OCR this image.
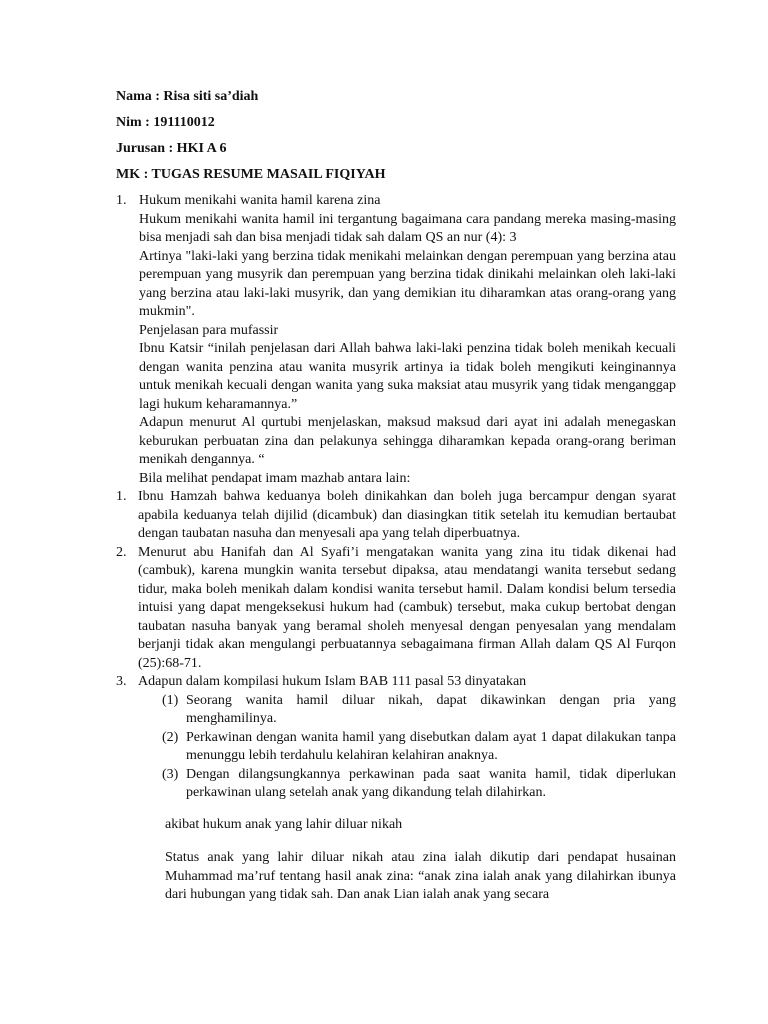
Nama : Risa siti sa’diah
Nim : 191110012
Jurusan : HKI A 6
MK : TUGAS RESUME MASAIL FIQIYAH
1. Hukum menikahi wanita hamil karena zina

Hukum menikahi wanita hamil ini tergantung bagaimana cara pandang mereka masing-masing bisa menjadi sah dan bisa menjadi tidak sah dalam QS an nur (4): 3

Artinya "laki-laki yang berzina tidak menikahi melainkan dengan perempuan yang berzina atau perempuan yang musyrik dan perempuan yang berzina tidak dinikahi melainkan oleh laki-laki yang berzina atau laki-laki musyrik, dan yang demikian itu diharamkan atas orang-orang yang mukmin".

Penjelasan para mufassir

Ibnu Katsir “inilah penjelasan dari Allah bahwa laki-laki penzina tidak boleh menikah kecuali dengan wanita penzina atau wanita musyrik artinya ia tidak boleh mengikuti keinginannya untuk menikah kecuali dengan wanita yang suka maksiat atau musyrik yang tidak menganggap lagi hukum keharamannya.”

Adapun menurut Al qurtubi menjelaskan, maksud maksud dari ayat ini adalah menegaskan keburukan perbuatan zina dan pelakunya sehingga diharamkan kepada orang-orang beriman menikah dengannya. “

Bila melihat pendapat imam mazhab antara lain:

1. Ibnu Hamzah bahwa keduanya boleh dinikahkan dan boleh juga bercampur dengan syarat apabila keduanya telah dijilid (dicambuk) dan diasingkan titik setelah itu kemudian bertaubat dengan taubatan nasuha dan menyesali apa yang telah diperbuatnya.

2. Menurut abu Hanifah dan Al Syafi’i mengatakan wanita yang zina itu tidak dikenai had (cambuk), karena mungkin wanita tersebut dipaksa, atau mendatangi wanita tersebut sedang tidur, maka boleh menikah dalam kondisi wanita tersebut hamil. Dalam kondisi belum tersedia intuisi yang dapat mengeksekusi hukum had (cambuk) tersebut, maka cukup bertobat dengan taubatan nasuha banyak yang beramal sholeh menyesal dengan penyesalan yang mendalam berjanji tidak akan mengulangi perbuatannya sebagaimana firman Allah dalam QS Al Furqon (25):68-71.

3. Adapun dalam kompilasi hukum Islam BAB 111 pasal 53 dinyatakan

(1) Seorang wanita hamil diluar nikah, dapat dikawinkan dengan pria yang menghamilinya.

(2) Perkawinan dengan wanita hamil yang disebutkan dalam ayat 1 dapat dilakukan tanpa menunggu lebih terdahulu kelahiran kelahiran anaknya.

(3) Dengan dilangsungkannya perkawinan pada saat wanita hamil, tidak diperlukan perkawinan ulang setelah anak yang dikandung telah dilahirkan.

akibat hukum anak yang lahir diluar nikah

Status anak yang lahir diluar nikah atau zina ialah dikutip dari pendapat husainan Muhammad ma’ruf tentang hasil anak zina: “anak zina ialah anak yang dilahirkan ibunya dari hubungan yang tidak sah. Dan anak Lian ialah anak yang secara
